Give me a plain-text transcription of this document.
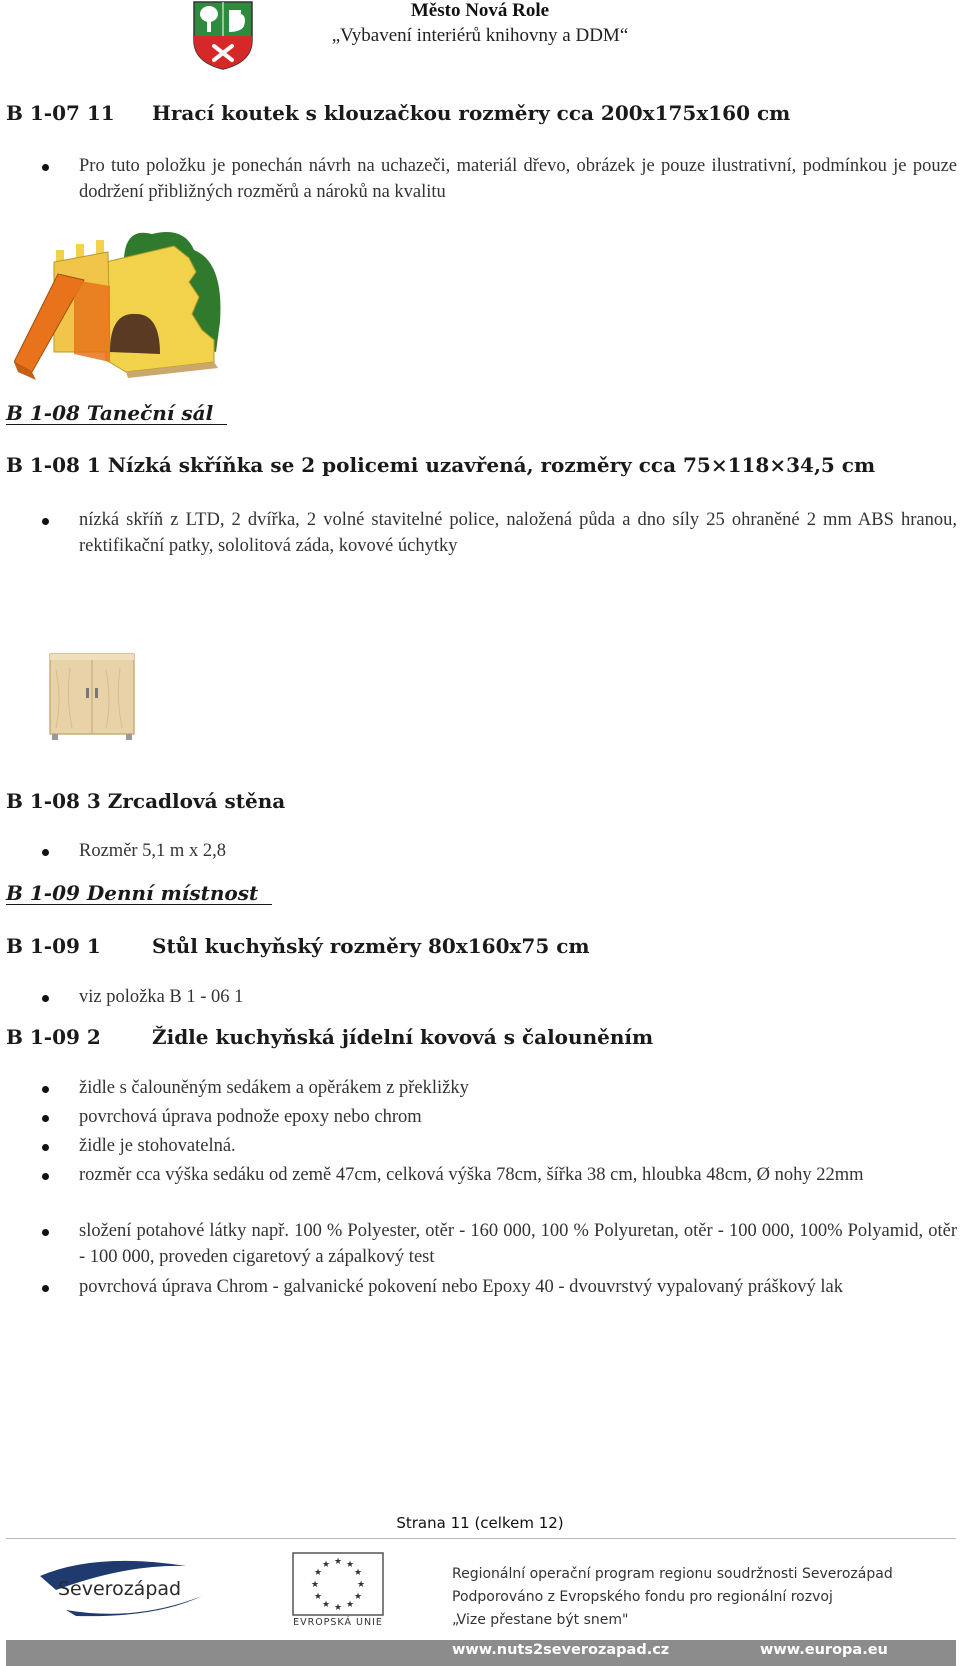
Město Nová Role
„Vybavení interiérů knihovny a DDM“
B 1-07 11 Hrací koutek s klouzačkou rozměry cca 200x175x160 cm
Pro tuto položku je ponechán návrh na uchazeči, materiál dřevo, obrázek je pouze ilustrativní, podmínkou je pouze dodržení přibližných rozměrů a nároků na kvalitu
B 1-08 Taneční sál
B 1-08 1 Nízká skříňka se 2 policemi uzavřená, rozměry cca 75×118×34,5 cm
nízká skříň z LTD, 2 dvířka, 2 volné stavitelné police, naložená půda a dno síly 25 ohraněné 2 mm ABS hranou, rektifikační patky, sololitová záda, kovové úchytky
B 1-08 3 Zrcadlová stěna
Rozměr 5,1 m x 2,8
B 1-09 Denní místnost
B 1-09 1	Stůl kuchyňský rozměry 80x160x75 cm
viz položka B 1 - 06 1
B 1-09 2	Židle kuchyňská jídelní kovová s čalouněním
židle s čalouněným sedákem a opěrákem z překližky
povrchová úprava podnože epoxy nebo chrom
židle je stohovatelná.
rozměr cca výška sedáku od země 47cm, celková výška 78cm, šířka 38 cm, hloubka 48cm, Ø nohy 22mm
složení potahové látky např. 100 % Polyester, otěr - 160 000, 100 % Polyuretan, otěr - 100 000, 100% Polyamid, otěr - 100 000, proveden cigaretový a zápalkový test
povrchová úprava Chrom - galvanické pokovení nebo Epoxy 40 - dvouvrstvý vypalovaný práškový lak
Strana 11 (celkem 12)
Severozápad
★ ★
★
★
★
★
★
★
★
★
★
★
EVROPSKÁ UNIE
Regionální operační program regionu soudržnosti Severozápad
Podporováno z Evropského fondu pro regionální rozvoj
„Vize přestane být snem"
www.nuts2severozapad.cz	www.europa.eu
